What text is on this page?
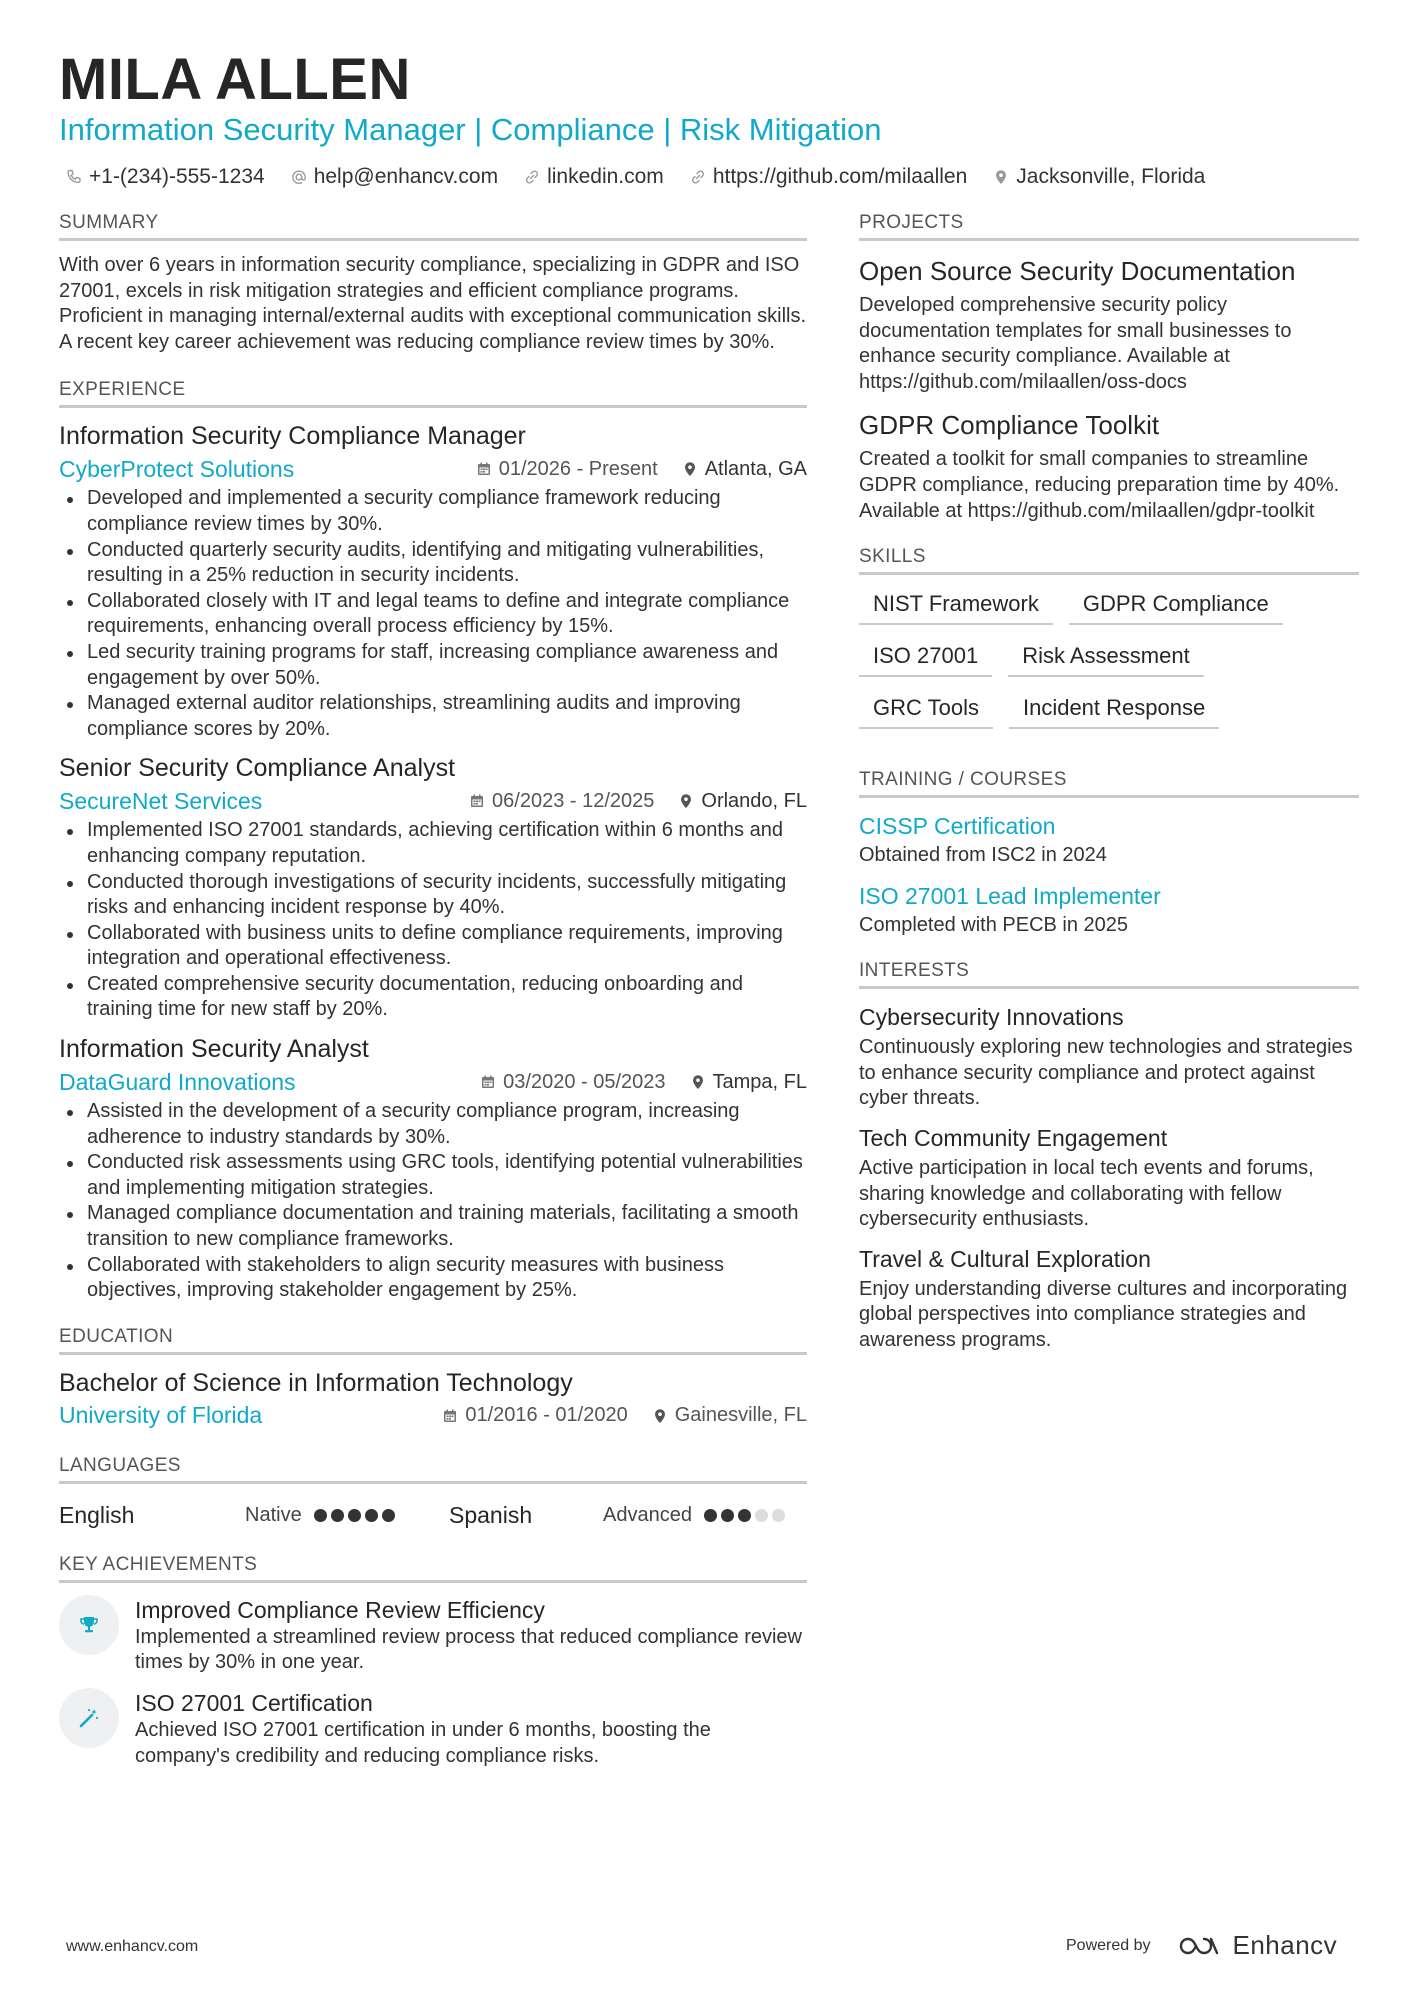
MILA ALLEN
Information Security Manager | Compliance | Risk Mitigation
+1-(234)-555-1234 help@enhancv.com linkedin.com https://github.com/milaallen Jacksonville, Florida
SUMMARY
With over 6 years in information security compliance, specializing in GDPR and ISO 27001, excels in risk mitigation strategies and efficient compliance programs. Proficient in managing internal/external audits with exceptional communication skills. A recent key career achievement was reducing compliance review times by 30%.
EXPERIENCE
Information Security Compliance Manager
CyberProtect Solutions	01/2026 - Present Atlanta, GA
Developed and implemented a security compliance framework reducing compliance review times by 30%.
Conducted quarterly security audits, identifying and mitigating vulnerabilities, resulting in a 25% reduction in security incidents.
Collaborated closely with IT and legal teams to define and integrate compliance requirements, enhancing overall process efficiency by 15%.
Led security training programs for staff, increasing compliance awareness and engagement by over 50%.
Managed external auditor relationships, streamlining audits and improving compliance scores by 20%.
Senior Security Compliance Analyst
SecureNet Services	06/2023 - 12/2025 Orlando, FL
Implemented ISO 27001 standards, achieving certification within 6 months and enhancing company reputation.
Conducted thorough investigations of security incidents, successfully mitigating risks and enhancing incident response by 40%.
Collaborated with business units to define compliance requirements, improving integration and operational effectiveness.
Created comprehensive security documentation, reducing onboarding and training time for new staff by 20%.
Information Security Analyst
DataGuard Innovations	03/2020 - 05/2023 Tampa, FL
Assisted in the development of a security compliance program, increasing adherence to industry standards by 30%.
Conducted risk assessments using GRC tools, identifying potential vulnerabilities and implementing mitigation strategies.
Managed compliance documentation and training materials, facilitating a smooth transition to new compliance frameworks.
Collaborated with stakeholders to align security measures with business objectives, improving stakeholder engagement by 25%.
EDUCATION
Bachelor of Science in Information Technology
University of Florida	01/2016 - 01/2020 Gainesville, FL
LANGUAGES
English	Native	Spanish	Advanced
KEY ACHIEVEMENTS
Improved Compliance Review Efficiency
Implemented a streamlined review process that reduced compliance review times by 30% in one year.
ISO 27001 Certification
Achieved ISO 27001 certification in under 6 months, boosting the company's credibility and reducing compliance risks.
PROJECTS
Open Source Security Documentation
Developed comprehensive security policy documentation templates for small businesses to enhance security compliance. Available at https://github.com/milaallen/oss-docs
GDPR Compliance Toolkit
Created a toolkit for small companies to streamline GDPR compliance, reducing preparation time by 40%. Available at https://github.com/milaallen/gdpr-toolkit
SKILLS
NIST Framework	GDPR Compliance
ISO 27001	Risk Assessment
GRC Tools	Incident Response
TRAINING / COURSES
CISSP Certification
Obtained from ISC2 in 2024
ISO 27001 Lead Implementer
Completed with PECB in 2025
INTERESTS
Cybersecurity Innovations
Continuously exploring new technologies and strategies to enhance security compliance and protect against cyber threats.
Tech Community Engagement
Active participation in local tech events and forums, sharing knowledge and collaborating with fellow cybersecurity enthusiasts.
Travel & Cultural Exploration
Enjoy understanding diverse cultures and incorporating global perspectives into compliance strategies and awareness programs.
www.enhancv.com	Powered by	Enhancv
